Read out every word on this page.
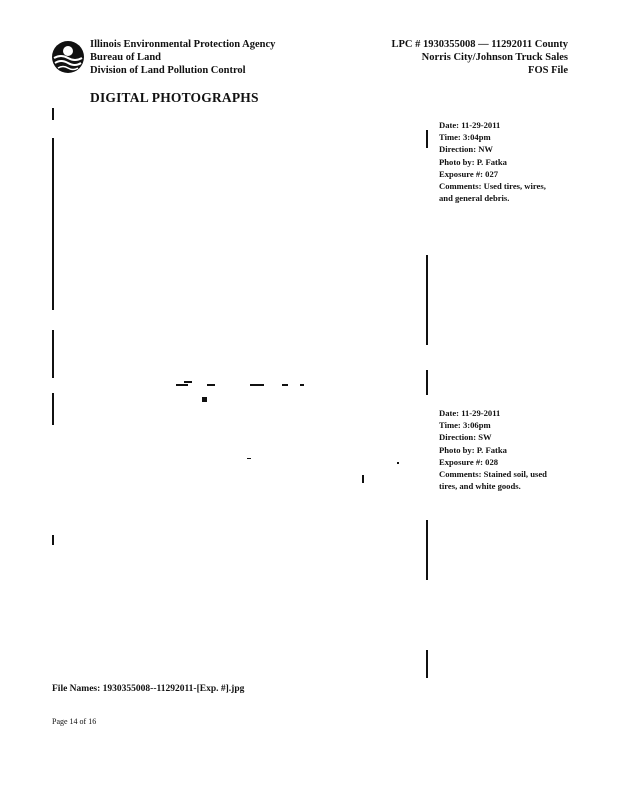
Illinois Environmental Protection Agency
Bureau of Land
Division of Land Pollution Control
LPC # 1930355008 — 11292011 County
Norris City/Johnson Truck Sales
FOS File
DIGITAL PHOTOGRAPHS
Date: 11-29-2011
Time: 3:04pm
Direction: NW
Photo by: P. Fatka
Exposure #: 027
Comments: Used tires, wires, and general debris.
Date: 11-29-2011
Time: 3:06pm
Direction: SW
Photo by: P. Fatka
Exposure #: 028
Comments: Stained soil, used tires, and white goods.
File Names: 1930355008--11292011-[Exp. #].jpg
Page 14 of 16
